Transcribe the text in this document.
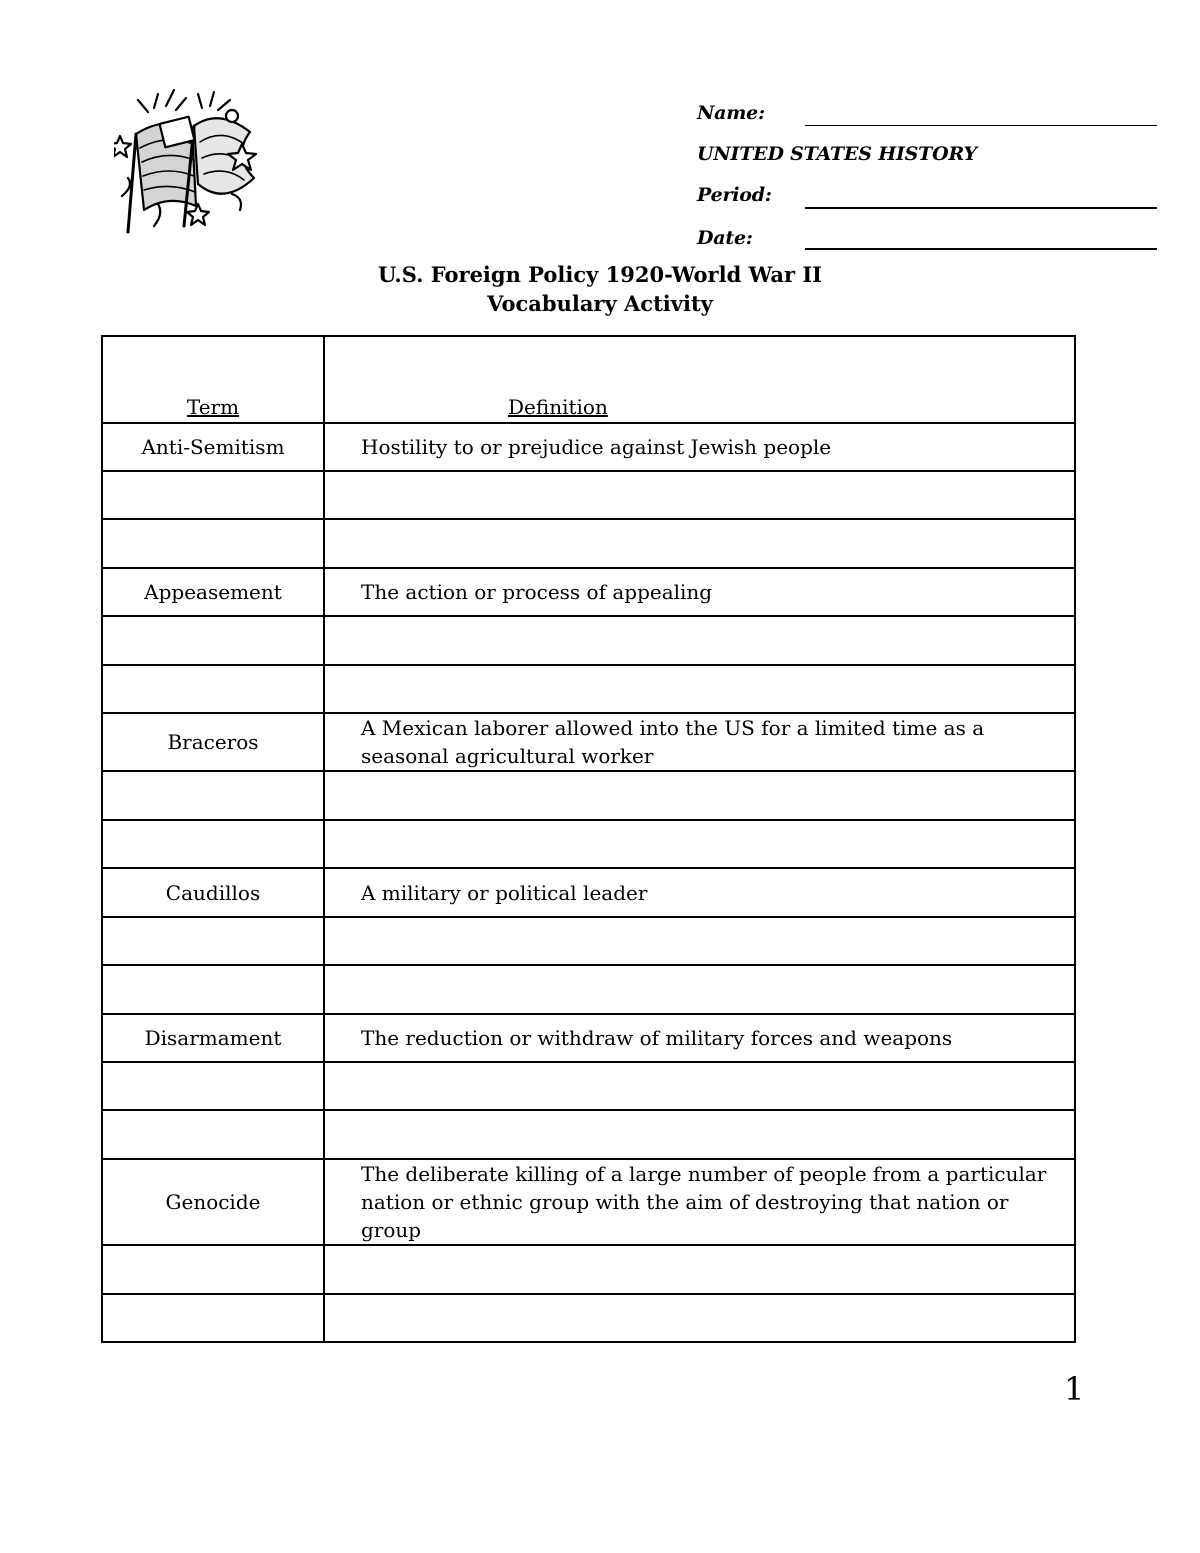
Name:
UNITED STATES HISTORY
Period:
Date:
U.S. Foreign Policy 1920-World War II
Vocabulary Activity
Term	Definition
Anti-Semitism	Hostility to or prejudice against Jewish people

Appeasement	The action or process of appealing

Braceros	A Mexican laborer allowed into the US for a limited time as a seasonal agricultural worker

Caudillos	A military or political leader

Disarmament	The reduction or withdraw of military forces and weapons

Genocide	The deliberate killing of a large number of people from a particular nation or ethnic group with the aim of destroying that nation or group

1
